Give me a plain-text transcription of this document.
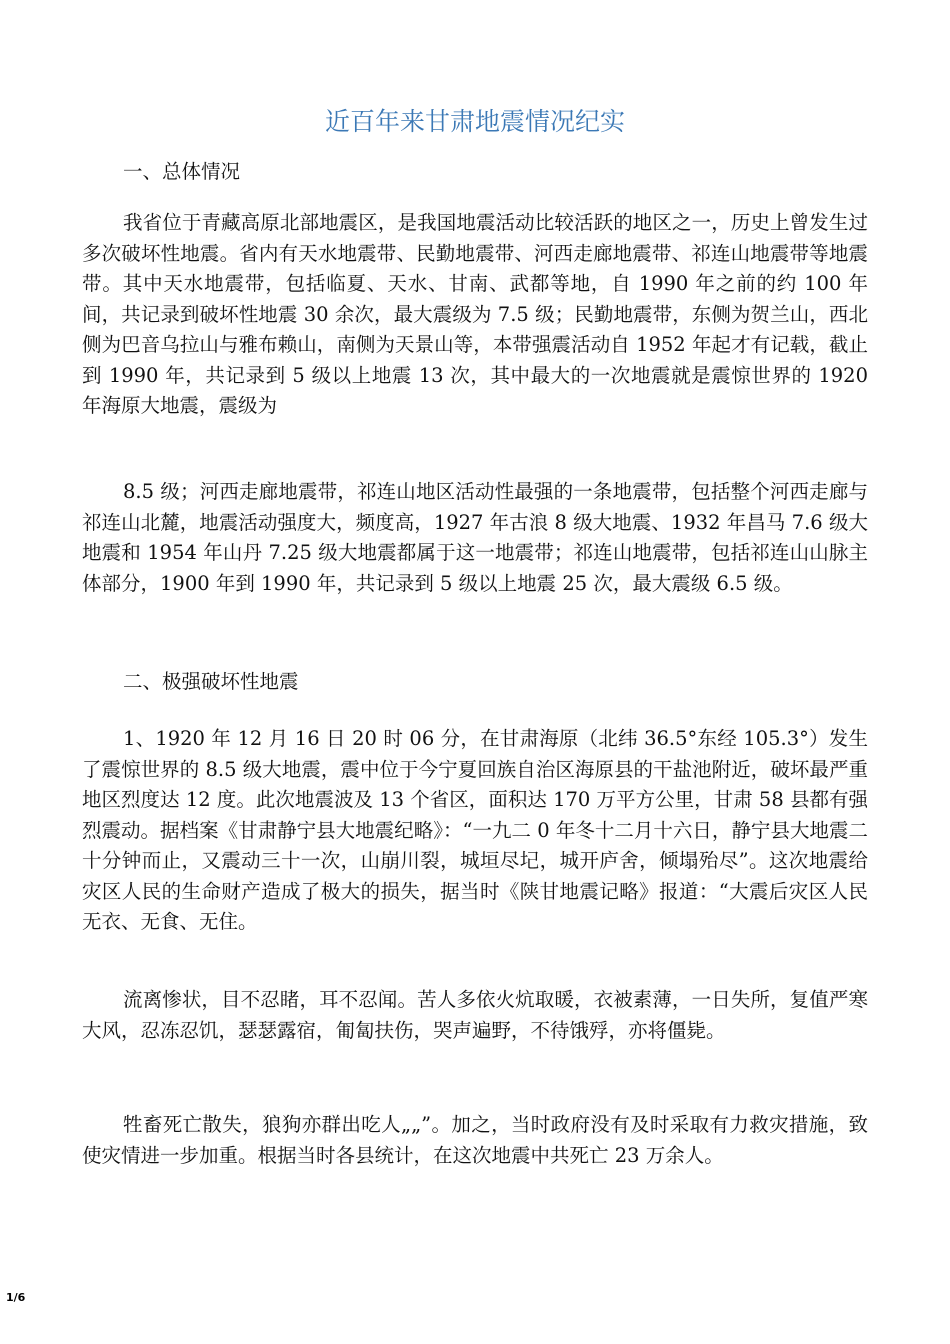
近百年来甘肃地震情况纪实

一、总体情况

我省位于青藏高原北部地震区，是我国地震活动比较活跃的地区之一，历史上曾发生过多次破坏性地震。省内有天水地震带、民勤地震带、河西走廊地震带、祁连山地震带等地震带。其中天水地震带，包括临夏、天水、甘南、武都等地，自 1990 年之前的约 100 年间，共记录到破坏性地震 30 余次，最大震级为 7.5 级；民勤地震带，东侧为贺兰山，西北侧为巴音乌拉山与雅布赖山，南侧为天景山等，本带强震活动自 1952 年起才有记载，截止到 1990 年，共记录到 5 级以上地震 13 次，其中最大的一次地震就是震惊世界的 1920 年海原大地震，震级为

8.5 级；河西走廊地震带，祁连山地区活动性最强的一条地震带，包括整个河西走廊与祁连山北麓，地震活动强度大，频度高，1927 年古浪 8 级大地震、1932 年昌马 7.6 级大地震和 1954 年山丹 7.25 级大地震都属于这一地震带；祁连山地震带，包括祁连山山脉主体部分，1900 年到 1990 年，共记录到 5 级以上地震 25 次，最大震级 6.5 级。

二、极强破坏性地震

1、1920 年 12 月 16 日 20 时 06 分，在甘肃海原（北纬 36.5°东经 105.3°）发生了震惊世界的 8.5 级大地震，震中位于今宁夏回族自治区海原县的干盐池附近，破坏最严重地区烈度达 12 度。此次地震波及 13 个省区，面积达 170 万平方公里，甘肃 58 县都有强烈震动。据档案《甘肃静宁县大地震纪略》：“一九二 0 年冬十二月十六日，静宁县大地震二十分钟而止，又震动三十一次，山崩川裂，城垣尽圮，城开庐舍，倾塌殆尽”。这次地震给灾区人民的生命财产造成了极大的损失，据当时《陕甘地震记略》报道：“大震后灾区人民无衣、无食、无住。

流离惨状，目不忍睹，耳不忍闻。苦人多依火炕取暖，衣被素薄，一日失所，复值严寒大风，忍冻忍饥，瑟瑟露宿，匍匐扶伤，哭声遍野，不待饿殍，亦将僵毙。

牲畜死亡散失，狼狗亦群出吃人„„”。加之，当时政府没有及时采取有力救灾措施，致使灾情进一步加重。根据当时各县统计，在这次地震中共死亡 23 万余人。

1/6
